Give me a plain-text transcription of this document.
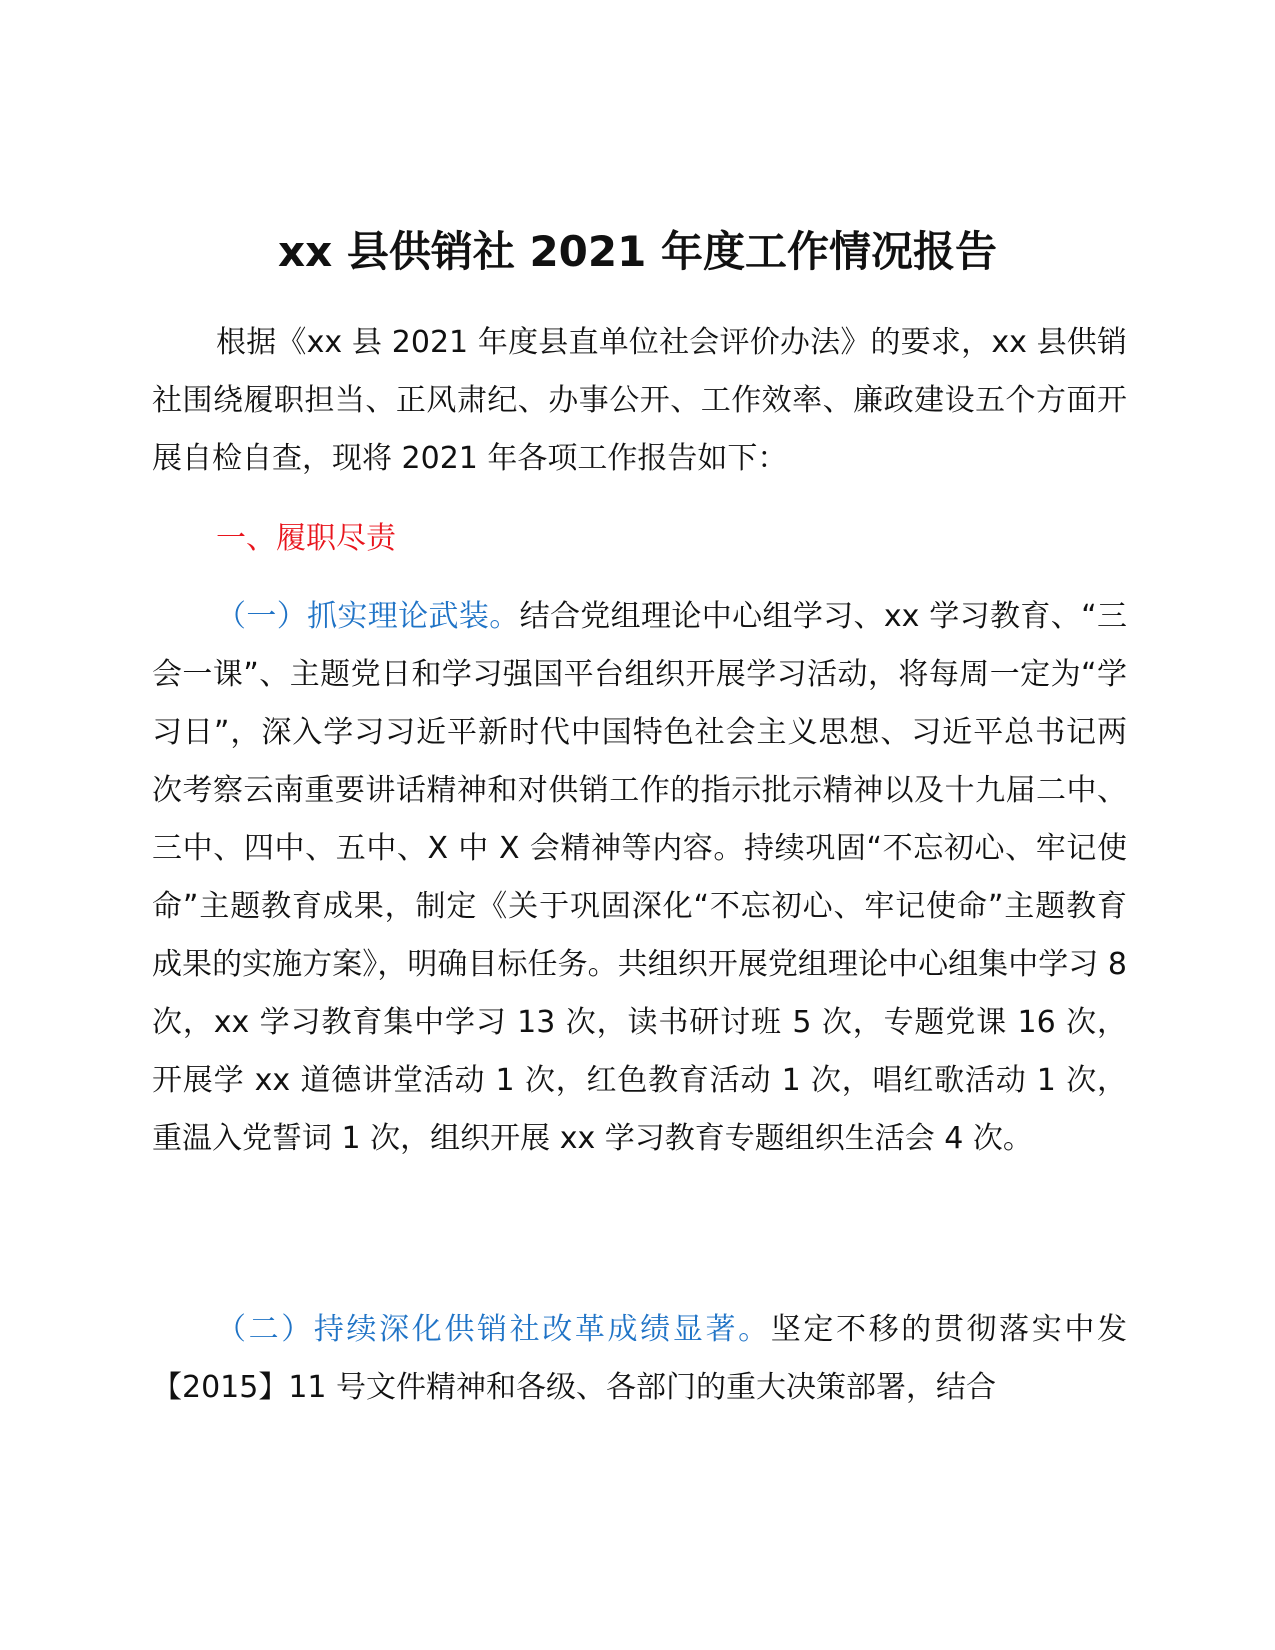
xx 县供销社 2021 年度工作情况报告
根据《xx 县 2021 年度县直单位社会评价办法》的要求，xx 县供销社围绕履职担当、正风肃纪、办事公开、工作效率、廉政建设五个方面开展自检自查，现将 2021 年各项工作报告如下：
一、履职尽责
（一）抓实理论武装。结合党组理论中心组学习、xx 学习教育、“三会一课”、主题党日和学习强国平台组织开展学习活动，将每周一定为“学习日”，深入学习习近平新时代中国特色社会主义思想、习近平总书记两次考察云南重要讲话精神和对供销工作的指示批示精神以及十九届二中、三中、四中、五中、X 中 X 会精神等内容。持续巩固“不忘初心、牢记使命”主题教育成果，制定《关于巩固深化“不忘初心、牢记使命”主题教育成果的实施方案》，明确目标任务。共组织开展党组理论中心组集中学习 8 次，xx 学习教育集中学习 13 次，读书研讨班 5 次，专题党课 16 次，开展学 xx 道德讲堂活动 1 次，红色教育活动 1 次，唱红歌活动 1 次，重温入党誓词 1 次，组织开展 xx 学习教育专题组织生活会 4 次。
（二）持续深化供销社改革成绩显著。坚定不移的贯彻落实中发【2015】11 号文件精神和各级、各部门的重大决策部署，结合
